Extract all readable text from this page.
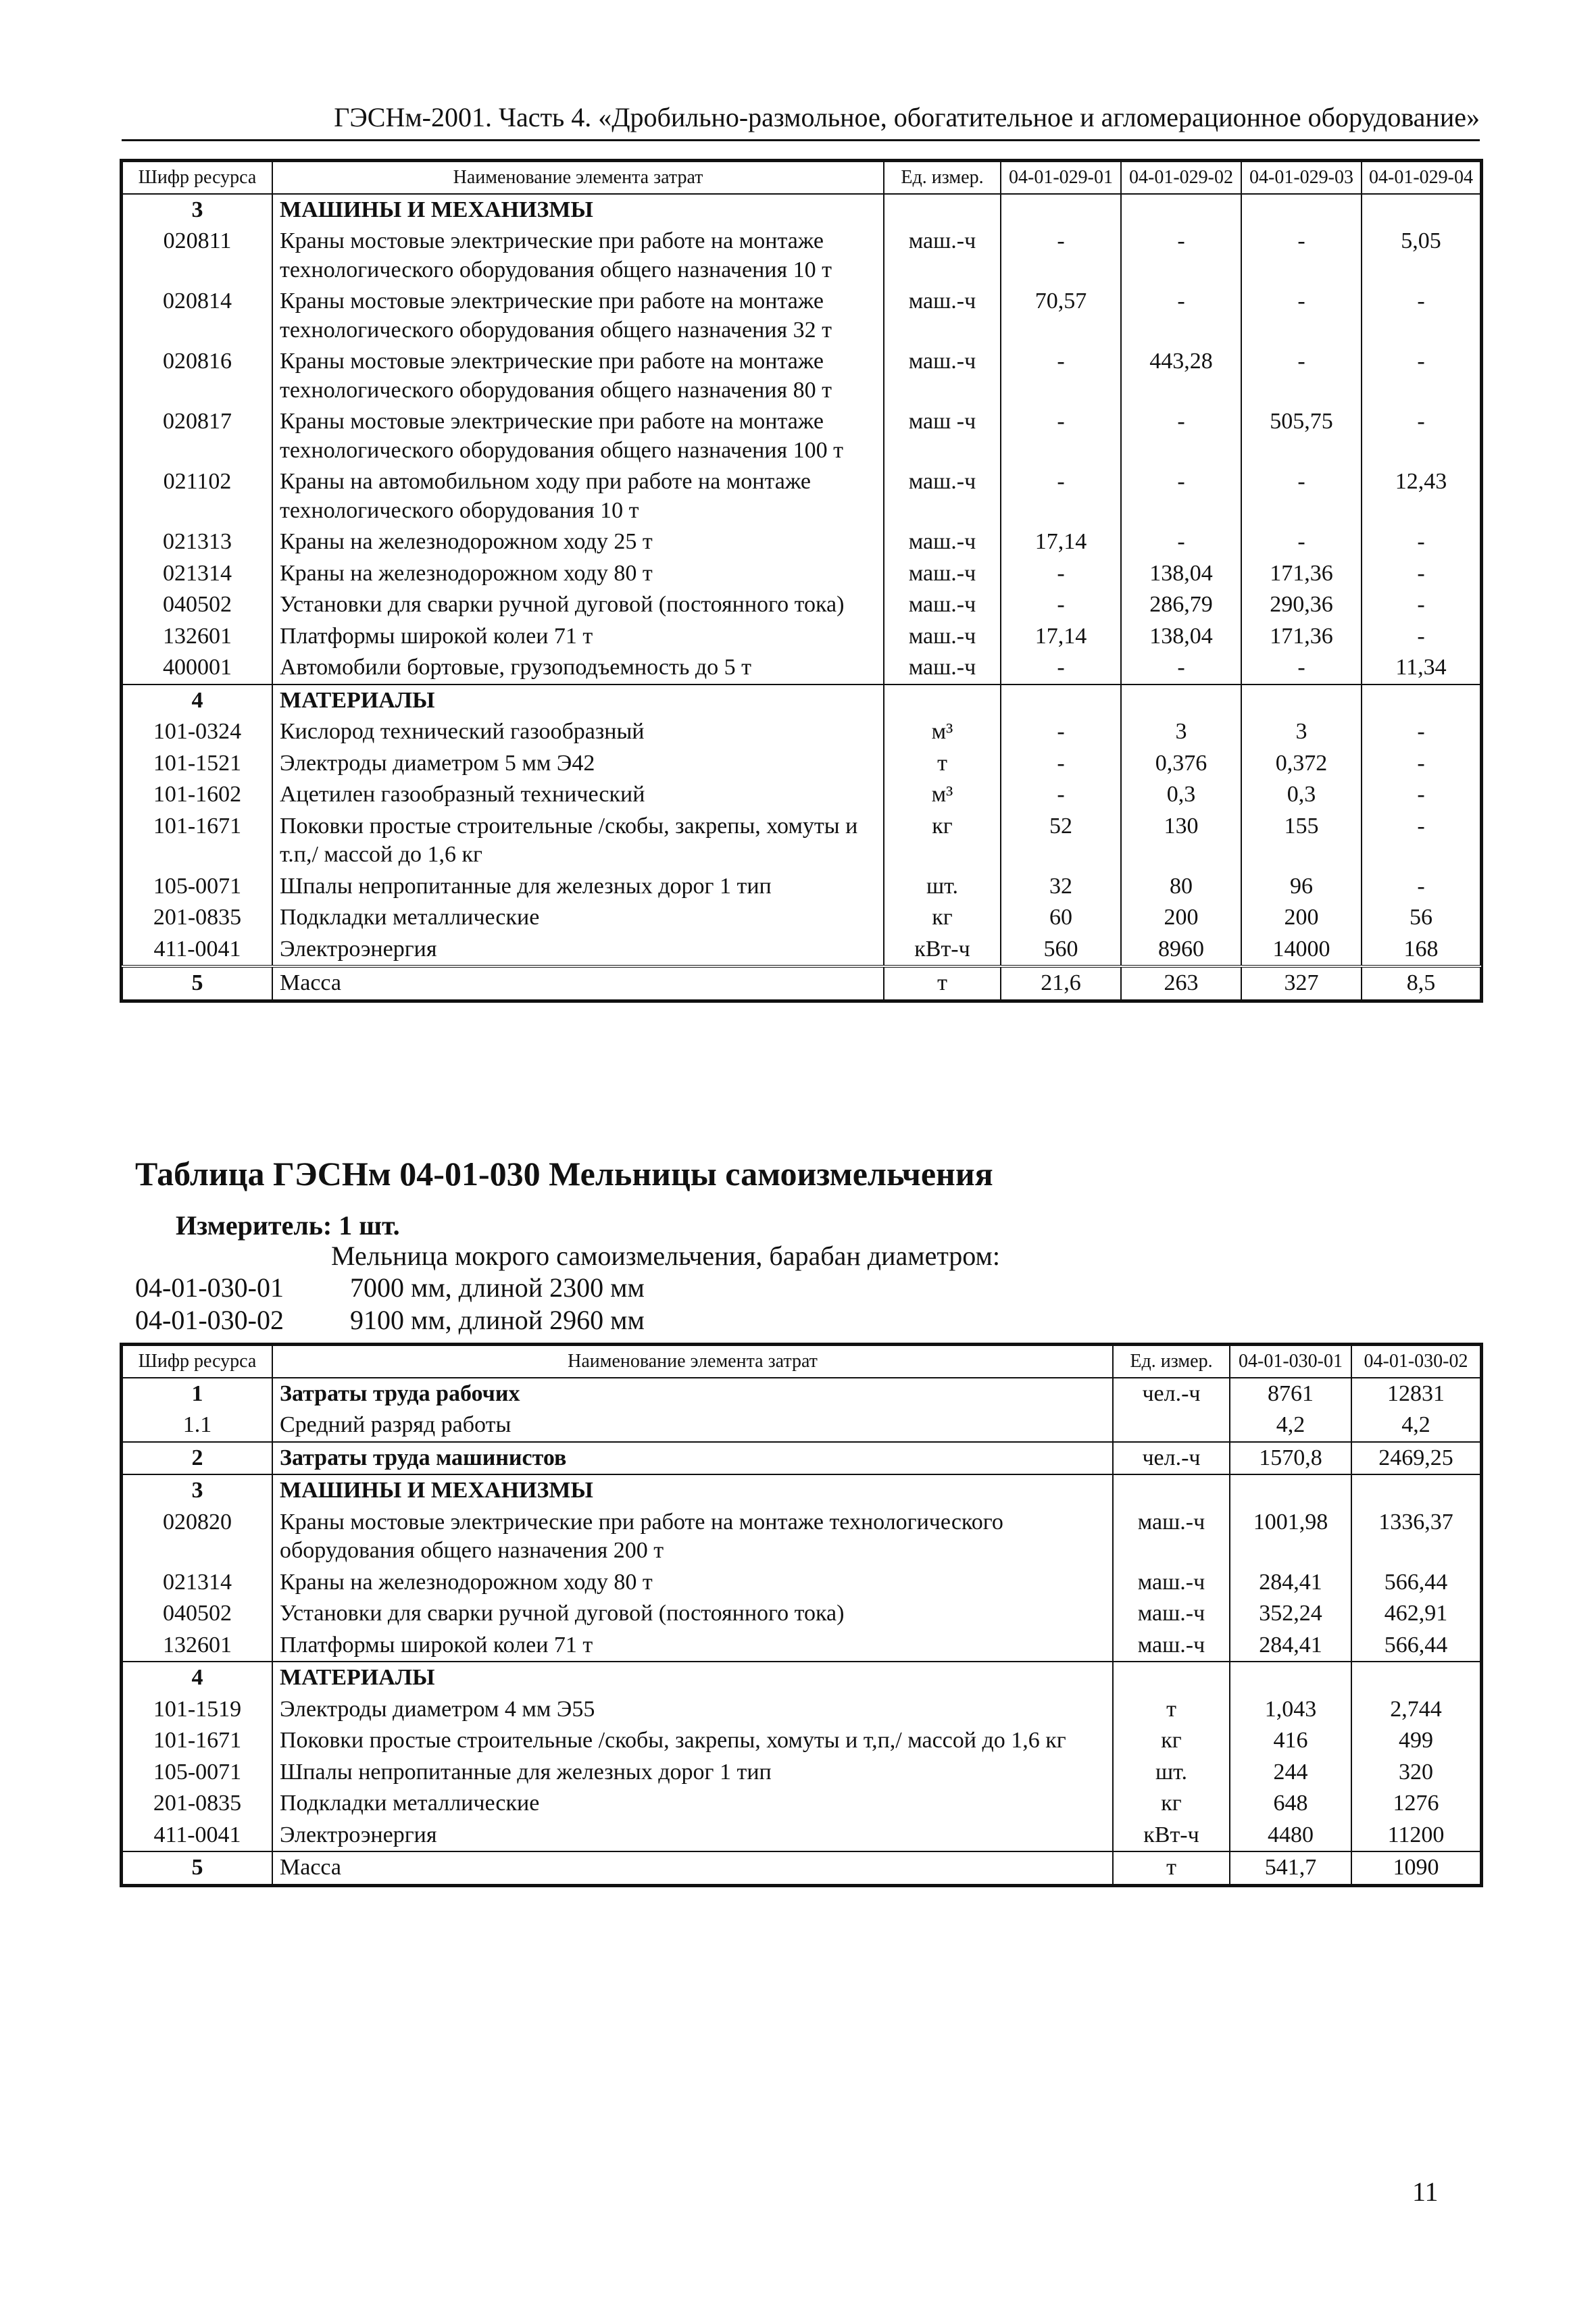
ГЭСНм-2001. Часть 4. «Дробильно-размольное, обогатительное и агломерационное оборудование»
Шифр ресурса	Наименование элемента затрат	Ед. измер.	04-01-029-01	04-01-029-02	04-01-029-03	04-01-029-04
3	МАШИНЫ И МЕХАНИЗМЫ					
020811	Краны мостовые электрические при работе на монтаже технологического оборудования общего назначения 10 т	маш.-ч	-	-	-	5,05
020814	Краны мостовые электрические при работе на монтаже технологического оборудования общего назначения 32 т	маш.-ч	70,57	-	-	-
020816	Краны мостовые электрические при работе на монтаже технологического оборудования общего назначения 80 т	маш.-ч	-	443,28	-	-
020817	Краны мостовые электрические при работе на монтаже технологического оборудования общего назначения 100 т	маш -ч	-	-	505,75	-
021102	Краны на автомобильном ходу при работе на монтаже технологического оборудования 10 т	маш.-ч	-	-	-	12,43
021313	Краны на железнодорожном ходу 25 т	маш.-ч	17,14	-	-	-
021314	Краны на железнодорожном ходу 80 т	маш.-ч	-	138,04	171,36	-
040502	Установки для сварки ручной дуговой (постоянного тока)	маш.-ч	-	286,79	290,36	-
132601	Платформы широкой колеи 71 т	маш.-ч	17,14	138,04	171,36	-
400001	Автомобили бортовые, грузоподъемность до 5 т	маш.-ч	-	-	-	11,34
4	МАТЕРИАЛЫ					
101-0324	Кислород технический газообразный	м³	-	3	3	-
101-1521	Электроды диаметром 5 мм Э42	т	-	0,376	0,372	-
101-1602	Ацетилен газообразный технический	м³	-	0,3	0,3	-
101-1671	Поковки простые строительные /скобы, закрепы, хомуты и т.п,/ массой до 1,6 кг	кг	52	130	155	-
105-0071	Шпалы непропитанные для железных дорог 1 тип	шт.	32	80	96	-
201-0835	Подкладки металлические	кг	60	200	200	56
411-0041	Электроэнергия	кВт-ч	560	8960	14000	168
5	Масса	т	21,6	263	327	8,5
Таблица ГЭСНм 04-01-030 Мельницы самоизмельчения
Измеритель: 1 шт.
Мельница мокрого самоизмельчения, барабан диаметром:
04-01-030-01 7000 мм, длиной 2300 мм
04-01-030-02 9100 мм, длиной 2960 мм
Шифр ресурса	Наименование элемента затрат	Ед. измер.	04-01-030-01	04-01-030-02
1	Затраты труда рабочих	чел.-ч	8761	12831
1.1	Средний разряд работы		4,2	4,2
2	Затраты труда машинистов	чел.-ч	1570,8	2469,25
3	МАШИНЫ И МЕХАНИЗМЫ			
020820	Краны мостовые электрические при работе на монтаже технологического оборудования общего назначения 200 т	маш.-ч	1001,98	1336,37
021314	Краны на железнодорожном ходу 80 т	маш.-ч	284,41	566,44
040502	Установки для сварки ручной дуговой (постоянного тока)	маш.-ч	352,24	462,91
132601	Платформы широкой колеи 71 т	маш.-ч	284,41	566,44
4	МАТЕРИАЛЫ			
101-1519	Электроды диаметром 4 мм Э55	т	1,043	2,744
101-1671	Поковки простые строительные /скобы, закрепы, хомуты и т,п,/ массой до 1,6 кг	кг	416	499
105-0071	Шпалы непропитанные для железных дорог 1 тип	шт.	244	320
201-0835	Подкладки металлические	кг	648	1276
411-0041	Электроэнергия	кВт-ч	4480	11200
5	Масса	т	541,7	1090
11
